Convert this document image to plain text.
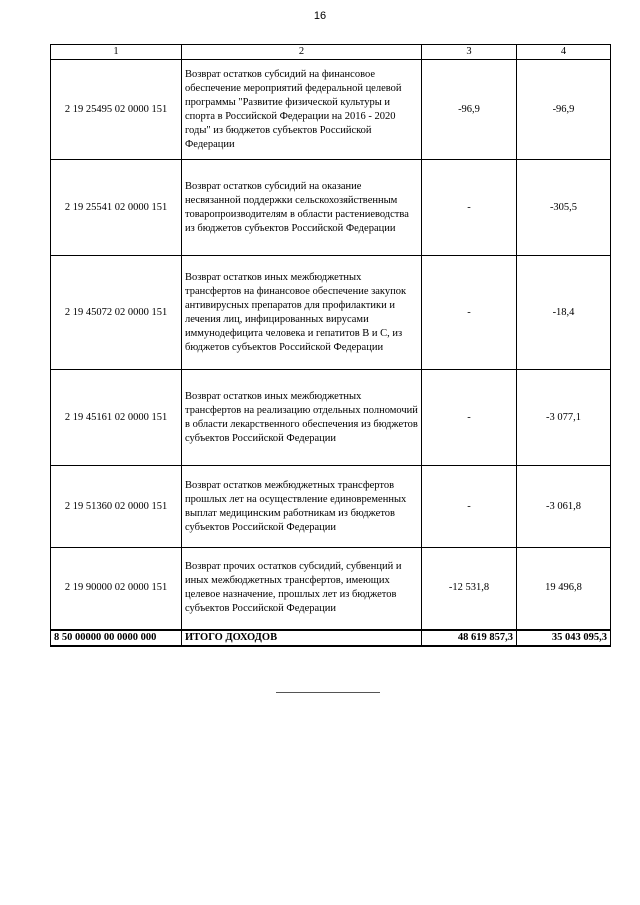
16
1	2	3	4
2 19 25495 02 0000 151	Возврат остатков субсидий на финансовое обеспечение мероприятий федеральной целевой программы "Развитие физической культуры и спорта в Российской Федерации на 2016 - 2020 годы" из бюджетов субъектов Российской Федерации	-96,9	-96,9
2 19 25541 02 0000 151	Возврат остатков субсидий на оказание несвязанной поддержки сельскохозяйственным товаропроизводителям в области растениеводства из бюджетов субъектов Российской Федерации	-	-305,5
2 19 45072 02 0000 151	Возврат остатков иных межбюджетных трансфертов на финансовое обеспечение закупок антивирусных препаратов для профилактики и лечения лиц, инфицированных вирусами иммунодефицита человека и гепатитов B и C, из бюджетов субъектов Российской Федерации	-	-18,4
2 19 45161 02 0000 151	Возврат остатков иных межбюджетных трансфертов на реализацию отдельных полномочий в области лекарственного обеспечения из бюджетов субъектов Российской Федерации	-	-3 077,1
2 19 51360 02 0000 151	Возврат остатков межбюджетных трансфертов прошлых лет на осуществление единовременных выплат медицинским работникам из бюджетов субъектов Российской Федерации	-	-3 061,8
2 19 90000 02 0000 151	Возврат прочих остатков субсидий, субвенций и иных межбюджетных трансфертов, имеющих целевое назначение, прошлых лет из бюджетов субъектов Российской Федерации	-12 531,8	19 496,8
8 50 00000 00 0000 000	ИТОГО ДОХОДОВ	48 619 857,3	35 043 095,3
